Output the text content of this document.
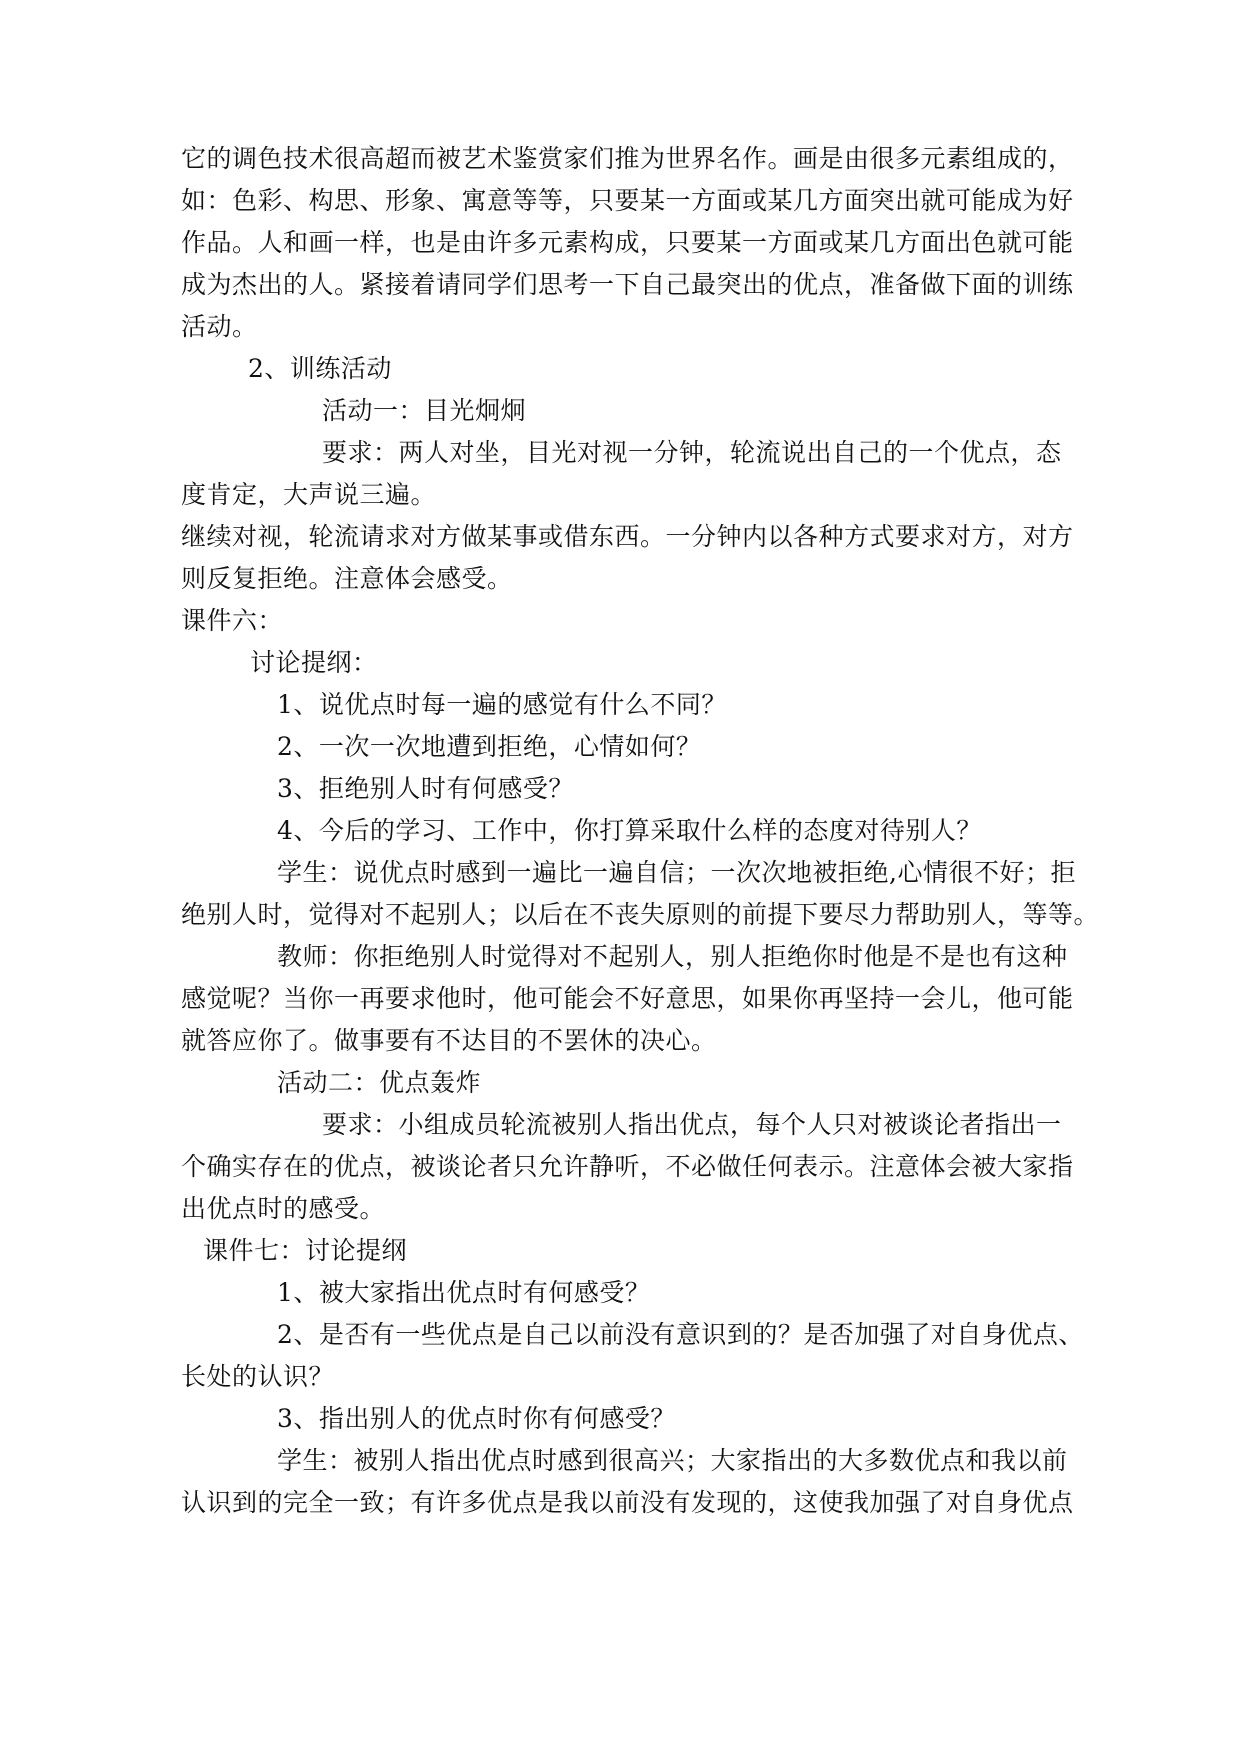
它的调色技术很高超而被艺术鉴赏家们推为世界名作。画是由很多元素组成的，
如：色彩、构思、形象、寓意等等，只要某一方面或某几方面突出就可能成为好
作品。人和画一样，也是由许多元素构成，只要某一方面或某几方面出色就可能
成为杰出的人。紧接着请同学们思考一下自己最突出的优点，准备做下面的训练
活动。
2、训练活动
活动一：目光炯炯
要求：两人对坐，目光对视一分钟，轮流说出自己的一个优点，态
度肯定，大声说三遍。
继续对视，轮流请求对方做某事或借东西。一分钟内以各种方式要求对方，对方
则反复拒绝。注意体会感受。
课件六：
讨论提纲：
1、说优点时每一遍的感觉有什么不同？
2、一次一次地遭到拒绝，心情如何？
3、拒绝别人时有何感受？
4、今后的学习、工作中，你打算采取什么样的态度对待别人？
学生：说优点时感到一遍比一遍自信；一次次地被拒绝,心情很不好；拒
绝别人时，觉得对不起别人；以后在不丧失原则的前提下要尽力帮助别人，等等。
教师：你拒绝别人时觉得对不起别人，别人拒绝你时他是不是也有这种
感觉呢？当你一再要求他时，他可能会不好意思，如果你再坚持一会儿，他可能
就答应你了。做事要有不达目的不罢休的决心。
活动二：优点轰炸
要求：小组成员轮流被别人指出优点，每个人只对被谈论者指出一
个确实存在的优点，被谈论者只允许静听，不必做任何表示。注意体会被大家指
出优点时的感受。
课件七：讨论提纲
1、被大家指出优点时有何感受？
2、是否有一些优点是自己以前没有意识到的？是否加强了对自身优点、
长处的认识？
3、指出别人的优点时你有何感受？
学生：被别人指出优点时感到很高兴；大家指出的大多数优点和我以前
认识到的完全一致；有许多优点是我以前没有发现的，这使我加强了对自身优点
